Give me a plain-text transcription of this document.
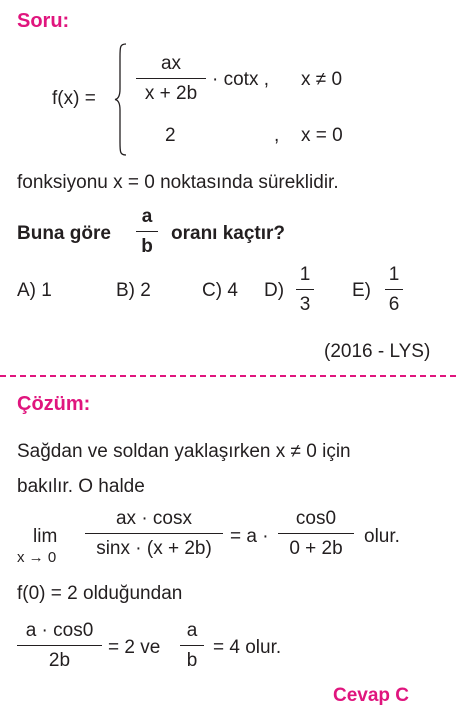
Soru:
f(x) =
ax
x + 2b
· cotx , x ≠ 0
2	, x = 0
fonksiyonu x = 0 noktasında süreklidir.
Buna göre
a
b
oranı kaçtır?
A) 1	B) 2	C) 4 D)
1
3
E)
1
6
(2016 - LYS)
Çözüm:
Sağdan ve soldan yaklaşırken x ≠ 0 için
bakılır. O halde
lim
x → 0
ax · cosx
sinx · (x + 2b)
= a ·
cos0
0 + 2b
olur.
f(0) = 2 olduğundan
a · cos0
2b
= 2 ve
a
b
= 4 olur.
Cevap C
